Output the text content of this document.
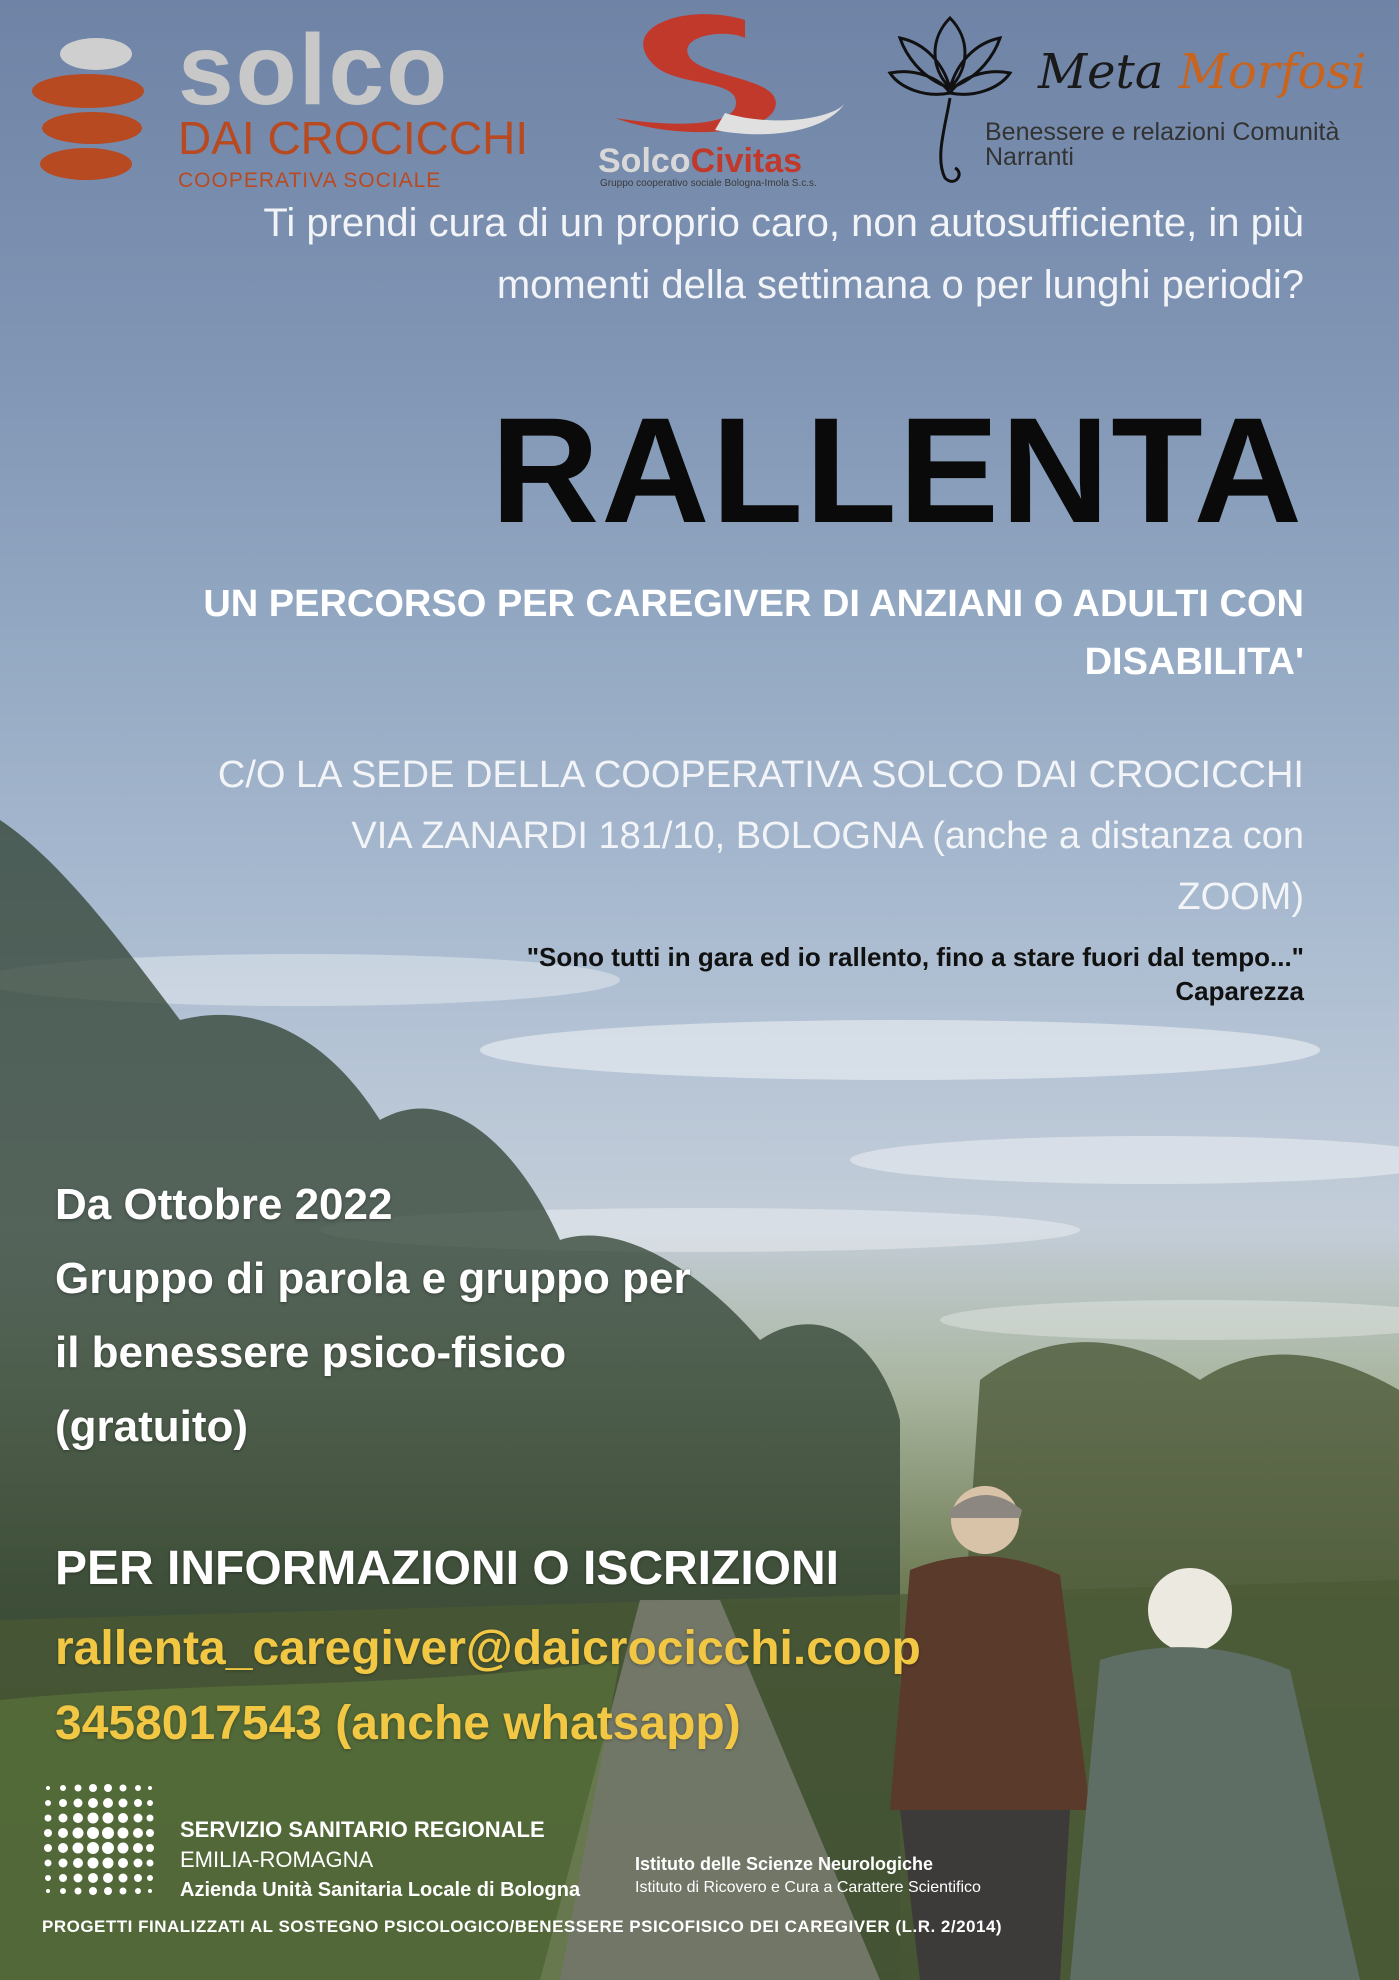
solco
DAI CROCICCHI
COOPERATIVA SOCIALE
SolcoCivitas
Gruppo cooperativo sociale Bologna-Imola S.c.s.
Meta Morfosi
Benessere e relazioni Comunità Narranti
Ti prendi cura di un proprio caro, non autosufficiente, in più
momenti della settimana o per lunghi periodi?
RALLENTA
UN PERCORSO PER CAREGIVER DI ANZIANI O ADULTI CON
DISABILITA'
C/O LA SEDE DELLA COOPERATIVA SOLCO DAI CROCICCHI
VIA ZANARDI 181/10, BOLOGNA (anche a distanza con
ZOOM)
"Sono tutti in gara ed io rallento, fino a stare fuori dal tempo..."
Caparezza
Da Ottobre 2022
Gruppo di parola e gruppo per
il benessere psico-fisico
(gratuito)
PER INFORMAZIONI O ISCRIZIONI
rallenta_caregiver@daicrocicchi.coop
3458017543 (anche whatsapp)
SERVIZIO SANITARIO REGIONALE
EMILIA-ROMAGNA
Azienda Unità Sanitaria Locale di Bologna
Istituto delle Scienze Neurologiche
Istituto di Ricovero e Cura a Carattere Scientifico
PROGETTI FINALIZZATI AL SOSTEGNO PSICOLOGICO/BENESSERE PSICOFISICO DEI CAREGIVER (L.R. 2/2014)
